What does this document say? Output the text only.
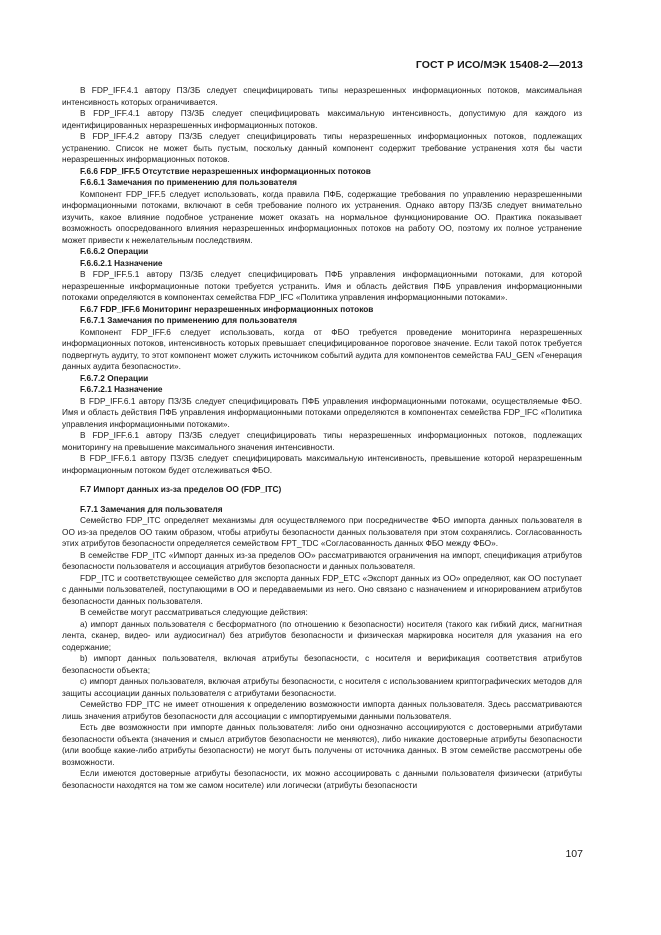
ГОСТ Р ИСО/МЭК 15408-2—2013

В FDP_IFF.4.1 автору ПЗ/ЗБ следует специфицировать типы неразрешенных информационных потоков, максимальная интенсивность которых ограничивается.

В FDP_IFF.4.1 автору ПЗ/ЗБ следует специфицировать максимальную интенсивность, допустимую для каждого из идентифицированных неразрешенных информационных потоков.

В FDP_IFF.4.2 автору ПЗ/ЗБ следует специфицировать типы неразрешенных информационных потоков, подлежащих устранению. Список не может быть пустым, поскольку данный компонент содержит требование устранения хотя бы части неразрешенных информационных потоков.

F.6.6 FDP_IFF.5 Отсутствие неразрешенных информационных потоков

F.6.6.1 Замечания по применению для пользователя

Компонент FDP_IFF.5 следует использовать, когда правила ПФБ, содержащие требования по управлению неразрешенными информационными потоками, включают в себя требование полного их устранения. Однако автору ПЗ/ЗБ следует внимательно изучить, какое влияние подобное устранение может оказать на нормальное функционирование ОО. Практика показывает возможность опосредованного влияния неразрешенных информационных потоков на работу ОО, поэтому их полное устранение может привести к нежелательным последствиям.

F.6.6.2 Операции

F.6.6.2.1 Назначение

В FDP_IFF.5.1 автору ПЗ/ЗБ следует специфицировать ПФБ управления информационными потоками, для которой неразрешенные информационные потоки требуется устранить. Имя и область действия ПФБ управления информационными потоками определяются в компонентах семейства FDP_IFC «Политика управления информационными потоками».

F.6.7 FDP_IFF.6 Мониторинг неразрешенных информационных потоков

F.6.7.1 Замечания по применению для пользователя

Компонент FDP_IFF.6 следует использовать, когда от ФБО требуется проведение мониторинга неразрешенных информационных потоков, интенсивность которых превышает специфицированное пороговое значение. Если такой поток требуется подвергнуть аудиту, то этот компонент может служить источником событий аудита для компонентов семейства FAU_GEN «Генерация данных аудита безопасности».

F.6.7.2 Операции

F.6.7.2.1 Назначение

В FDP_IFF.6.1 автору ПЗ/ЗБ следует специфицировать ПФБ управления информационными потоками, осуществляемые ФБО. Имя и область действия ПФБ управления информационными потоками определяются в компонентах семейства FDP_IFC «Политика управления информационными потоками».

В FDP_IFF.6.1 автору ПЗ/ЗБ следует специфицировать типы неразрешенных информационных потоков, подлежащих мониторингу на превышение максимального значения интенсивности.

В FDP_IFF.6.1 автору ПЗ/ЗБ следует специфицировать максимальную интенсивность, превышение которой неразрешенным информационным потоком будет отслеживаться ФБО.

F.7 Импорт данных из-за пределов ОО (FDP_ITC)

F.7.1 Замечания для пользователя

Семейство FDP_ITC определяет механизмы для осуществляемого при посредничестве ФБО импорта данных пользователя в ОО из-за пределов ОО таким образом, чтобы атрибуты безопасности данных пользователя при этом сохранялись. Согласованность этих атрибутов безопасности определяется семейством FPT_TDC «Согласованность данных ФБО между ФБО».

В семействе FDP_ITC «Импорт данных из-за пределов ОО» рассматриваются ограничения на импорт, спецификация атрибутов безопасности пользователя и ассоциация атрибутов безопасности и данных пользователя.

FDP_ITC и соответствующее семейство для экспорта данных FDP_ETC «Экспорт данных из ОО» определяют, как ОО поступает с данными пользователей, поступающими в ОО и передаваемыми из него. Оно связано с назначением и игнорированием атрибутов безопасности данных пользователя.

В семействе могут рассматриваться следующие действия:

а) импорт данных пользователя с бесформатного (по отношению к безопасности) носителя (такого как гибкий диск, магнитная лента, сканер, видео- или аудиосигнал) без атрибутов безопасности и физическая маркировка носителя для указания на его содержание;

b) импорт данных пользователя, включая атрибуты безопасности, с носителя и верификация соответствия атрибутов безопасности объекта;

с) импорт данных пользователя, включая атрибуты безопасности, с носителя с использованием криптографических методов для защиты ассоциации данных пользователя с атрибутами безопасности.

Семейство FDP_ITC не имеет отношения к определению возможности импорта данных пользователя. Здесь рассматриваются лишь значения атрибутов безопасности для ассоциации с импортируемыми данными пользователя.

Есть две возможности при импорте данных пользователя: либо они однозначно ассоциируются с достоверными атрибутами безопасности объекта (значения и смысл атрибутов безопасности не меняются), либо никакие достоверные атрибуты безопасности (или вообще какие-либо атрибуты безопасности) не могут быть получены от источника данных. В этом семействе рассмотрены обе возможности.

Если имеются достоверные атрибуты безопасности, их можно ассоциировать с данными пользователя физически (атрибуты безопасности находятся на том же самом носителе) или логически (атрибуты безопасности

107
